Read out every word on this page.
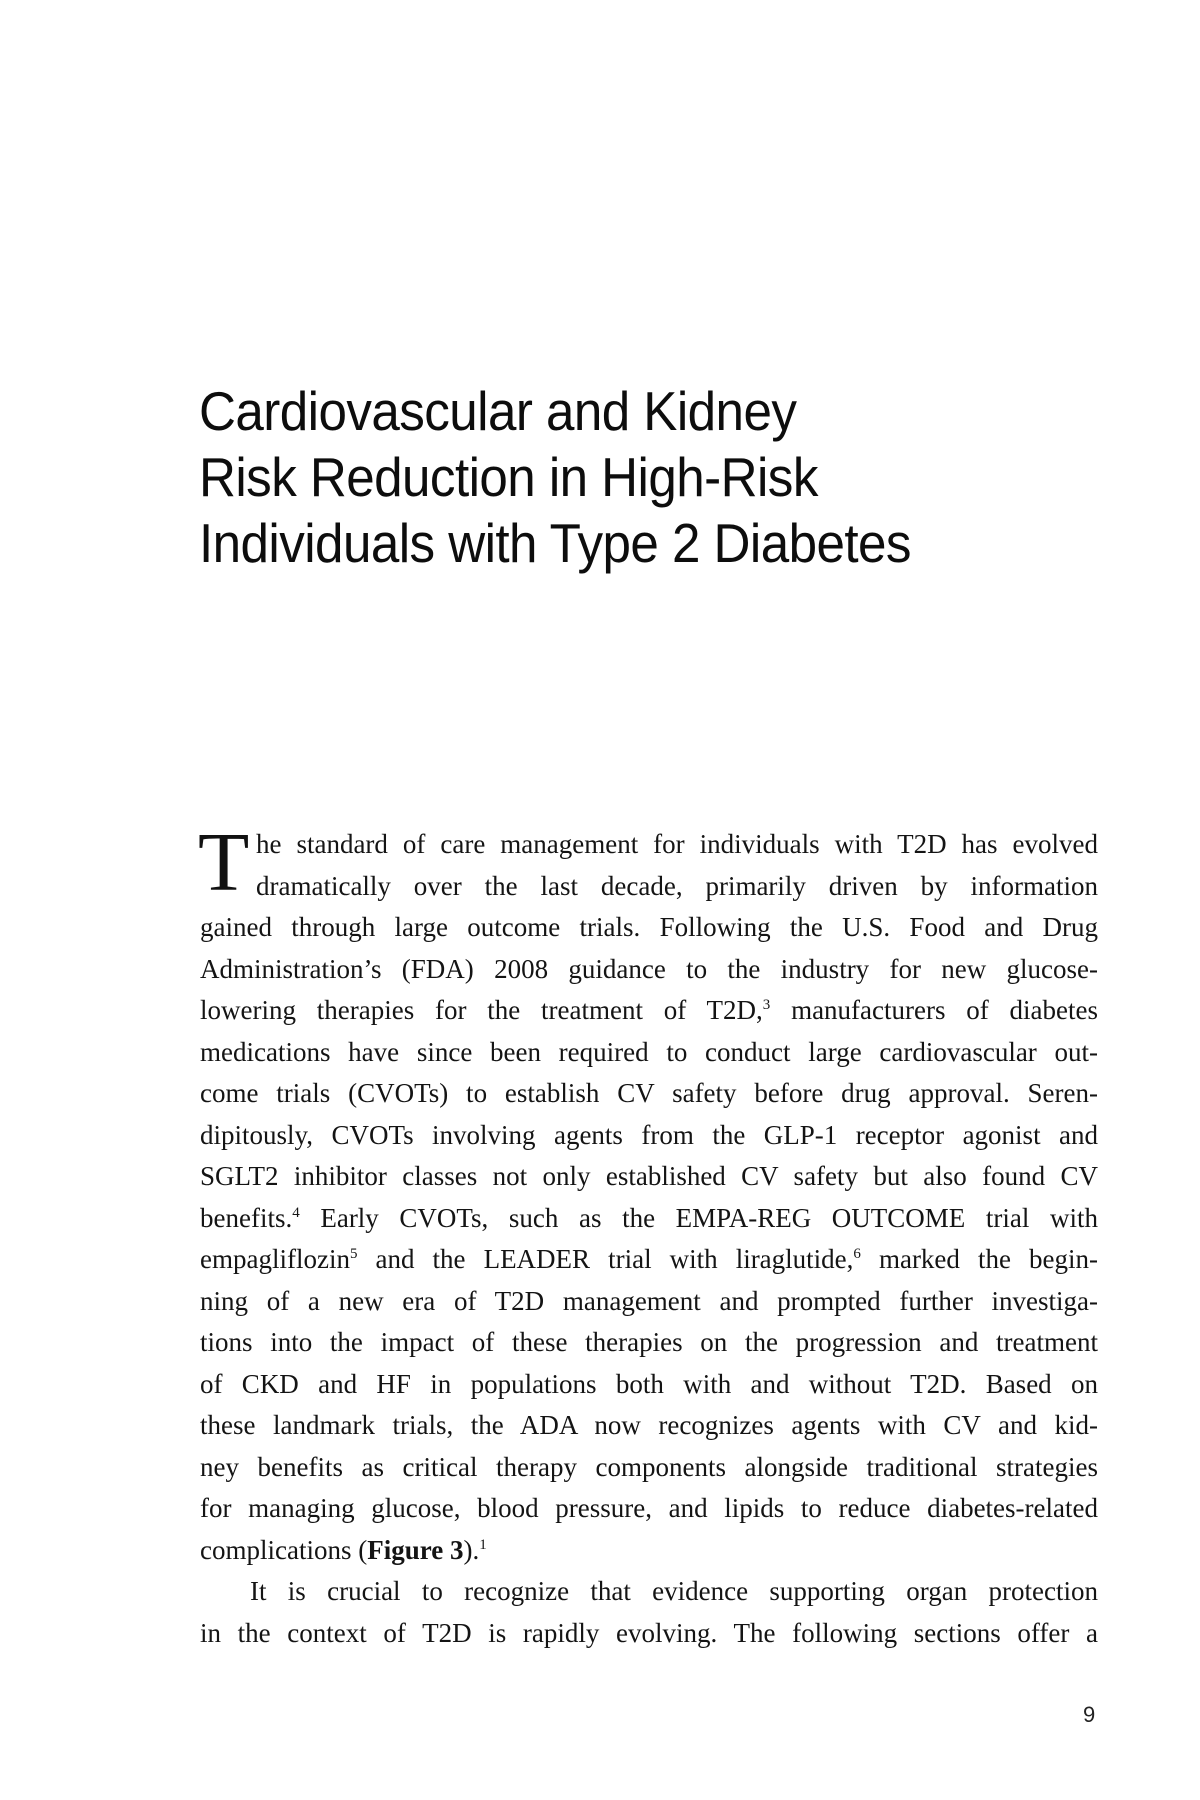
Cardiovascular and Kidney
Risk Reduction in High-Risk
Individuals with Type 2 Diabetes
T he standard of care management for individuals with T2D has evolved
dramatically over the last decade, primarily driven by information
gained through large outcome trials. Following the U.S. Food and Drug
Administration’s (FDA) 2008 guidance to the industry for new glucose-
lowering therapies for the treatment of T2D,$^3$ manufacturers of diabetes
medications have since been required to conduct large cardiovascular out-
come trials (CVOTs) to establish CV safety before drug approval. Seren-
dipitously, CVOTs involving agents from the GLP-1 receptor agonist and
SGLT2 inhibitor classes not only established CV safety but also found CV
benefits.$^4$ Early CVOTs, such as the EMPA-REG OUTCOME trial with
empagliflozin$^5$ and the LEADER trial with liraglutide,$^6$ marked the begin-
ning of a new era of T2D management and prompted further investiga-
tions into the impact of these therapies on the progression and treatment
of CKD and HF in populations both with and without T2D. Based on
these landmark trials, the ADA now recognizes agents with CV and kid-
ney benefits as critical therapy components alongside traditional strategies
for managing glucose, blood pressure, and lipids to reduce diabetes-related
complications (Figure 3).$^1$
It is crucial to recognize that evidence supporting organ protection
in the context of T2D is rapidly evolving. The following sections offer a
9
